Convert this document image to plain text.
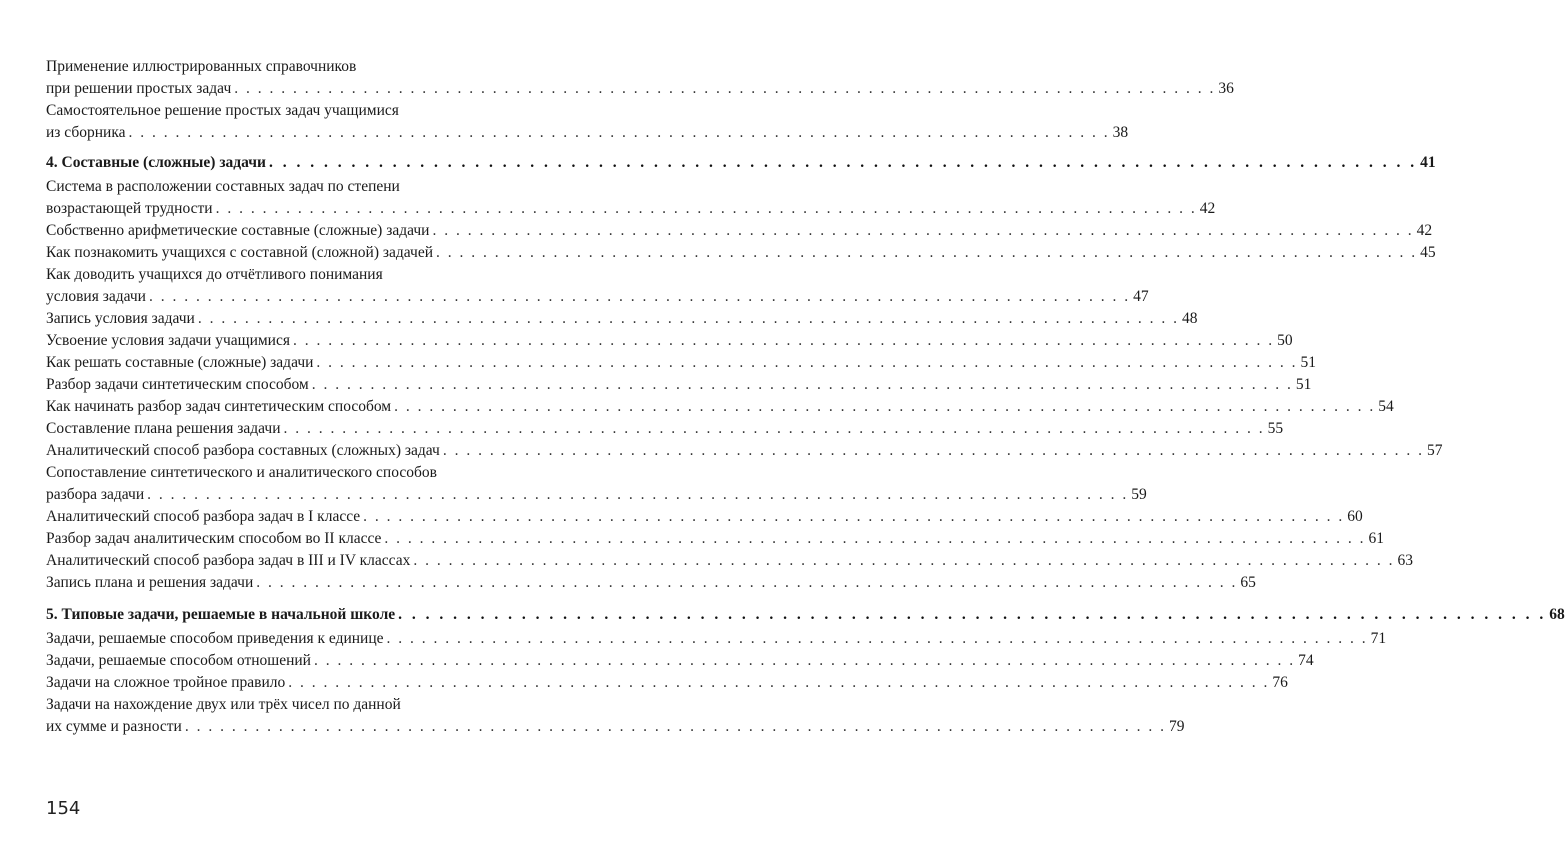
Применение иллюстрированных справочников
при решении простых задач . . . . . . . . . . . . . . . . . . . . . . . . . . . . . . . . . . . . . . . . . . . . . . . . . . . . . . . . . . . . . . . . . . . . . . . . . . . . . . . . . . . . 36
Самостоятельное решение простых задач учащимися
из сборника . . . . . . . . . . . . . . . . . . . . . . . . . . . . . . . . . . . . . . . . . . . . . . . . . . . . . . . . . . . . . . . . . . . . . . . . . . . . . . . . . . . . 38
4. Составные (сложные) задачи . . . . . . . . . . . . . . . . . . . . . . . . . . . . . . . . . . . . . . . . . . . . . . . . . . . . . . . . . . . . . . . . . . . . . . . . . . . . . . . . . . . . 41
Система в расположении составных задач по степени
возрастающей трудности . . . . . . . . . . . . . . . . . . . . . . . . . . . . . . . . . . . . . . . . . . . . . . . . . . . . . . . . . . . . . . . . . . . . . . . . . . . . . . . . . . . . 42
Собственно арифметические составные (сложные) задачи . . . . . . . . . . . . . . . . . . . . . . . . . . . . . . . . . . . . . . . . . . . . . . . . . . . . . . . . . . . . . . . . . . . . . . . . . . . . . . . . . . . . 42
Как познакомить учащихся с составной (сложной) задачей . . . . . . . . . . . . . . . . . . . . . . . . . . . . . . . . . . . . . . . . . . . . . . . . . . . . . . . . . . . . . . . . . . . . . . . . . . . . . . . . . . . . 45
Как доводить учащихся до отчётливого понимания
условия задачи . . . . . . . . . . . . . . . . . . . . . . . . . . . . . . . . . . . . . . . . . . . . . . . . . . . . . . . . . . . . . . . . . . . . . . . . . . . . . . . . . . . . 47
Запись условия задачи . . . . . . . . . . . . . . . . . . . . . . . . . . . . . . . . . . . . . . . . . . . . . . . . . . . . . . . . . . . . . . . . . . . . . . . . . . . . . . . . . . . . 48
Усвоение условия задачи учащимися . . . . . . . . . . . . . . . . . . . . . . . . . . . . . . . . . . . . . . . . . . . . . . . . . . . . . . . . . . . . . . . . . . . . . . . . . . . . . . . . . . . . 50
Как решать составные (сложные) задачи . . . . . . . . . . . . . . . . . . . . . . . . . . . . . . . . . . . . . . . . . . . . . . . . . . . . . . . . . . . . . . . . . . . . . . . . . . . . . . . . . . . . 51
Разбор задачи синтетическим способом . . . . . . . . . . . . . . . . . . . . . . . . . . . . . . . . . . . . . . . . . . . . . . . . . . . . . . . . . . . . . . . . . . . . . . . . . . . . . . . . . . . . 51
Как начинать разбор задач синтетическим способом . . . . . . . . . . . . . . . . . . . . . . . . . . . . . . . . . . . . . . . . . . . . . . . . . . . . . . . . . . . . . . . . . . . . . . . . . . . . . . . . . . . . 54
Составление плана решения задачи . . . . . . . . . . . . . . . . . . . . . . . . . . . . . . . . . . . . . . . . . . . . . . . . . . . . . . . . . . . . . . . . . . . . . . . . . . . . . . . . . . . . 55
Аналитический способ разбора составных (сложных) задач . . . . . . . . . . . . . . . . . . . . . . . . . . . . . . . . . . . . . . . . . . . . . . . . . . . . . . . . . . . . . . . . . . . . . . . . . . . . . . . . . . . . 57
Сопоставление синтетического и аналитического способов
разбора задачи . . . . . . . . . . . . . . . . . . . . . . . . . . . . . . . . . . . . . . . . . . . . . . . . . . . . . . . . . . . . . . . . . . . . . . . . . . . . . . . . . . . . 59
Аналитический способ разбора задач в I классе . . . . . . . . . . . . . . . . . . . . . . . . . . . . . . . . . . . . . . . . . . . . . . . . . . . . . . . . . . . . . . . . . . . . . . . . . . . . . . . . . . . . 60
Разбор задач аналитическим способом во II классе . . . . . . . . . . . . . . . . . . . . . . . . . . . . . . . . . . . . . . . . . . . . . . . . . . . . . . . . . . . . . . . . . . . . . . . . . . . . . . . . . . . . 61
Аналитический способ разбора задач в III и IV классах . . . . . . . . . . . . . . . . . . . . . . . . . . . . . . . . . . . . . . . . . . . . . . . . . . . . . . . . . . . . . . . . . . . . . . . . . . . . . . . . . . . . 63
Запись плана и решения задачи . . . . . . . . . . . . . . . . . . . . . . . . . . . . . . . . . . . . . . . . . . . . . . . . . . . . . . . . . . . . . . . . . . . . . . . . . . . . . . . . . . . . 65
5. Типовые задачи, решаемые в начальной школе . . . . . . . . . . . . . . . . . . . . . . . . . . . . . . . . . . . . . . . . . . . . . . . . . . . . . . . . . . . . . . . . . . . . . . . . . . . . . . . . . . . . 68
Задачи, решаемые способом приведения к единице . . . . . . . . . . . . . . . . . . . . . . . . . . . . . . . . . . . . . . . . . . . . . . . . . . . . . . . . . . . . . . . . . . . . . . . . . . . . . . . . . . . . 71
Задачи, решаемые способом отношений . . . . . . . . . . . . . . . . . . . . . . . . . . . . . . . . . . . . . . . . . . . . . . . . . . . . . . . . . . . . . . . . . . . . . . . . . . . . . . . . . . . . 74
Задачи на сложное тройное правило . . . . . . . . . . . . . . . . . . . . . . . . . . . . . . . . . . . . . . . . . . . . . . . . . . . . . . . . . . . . . . . . . . . . . . . . . . . . . . . . . . . . 76
Задачи на нахождение двух или трёх чисел по данной
их сумме и разности . . . . . . . . . . . . . . . . . . . . . . . . . . . . . . . . . . . . . . . . . . . . . . . . . . . . . . . . . . . . . . . . . . . . . . . . . . . . . . . . . . . . 79
154
